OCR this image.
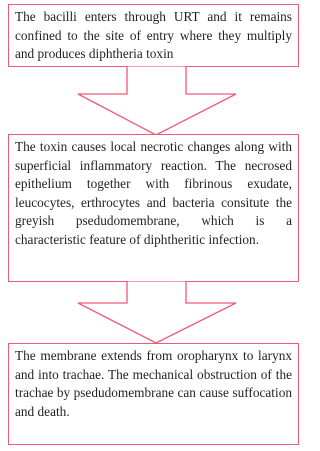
The bacilli enters through URT and it remains confined to the site of entry where they multiply and produces diphtheria toxin
The toxin causes local necrotic changes along with superficial inflammatory reaction. The necrosed epithelium together with fibrinous exudate, leucocytes, erthrocytes and bacteria consitute the greyish psedudomembrane, which is a characteristic feature of diphtheritic infection.
The membrane extends from oropharynx to larynx and into trachae. The mechanical obstruction of the trachae by psedudomembrane can cause suffocation and death.
